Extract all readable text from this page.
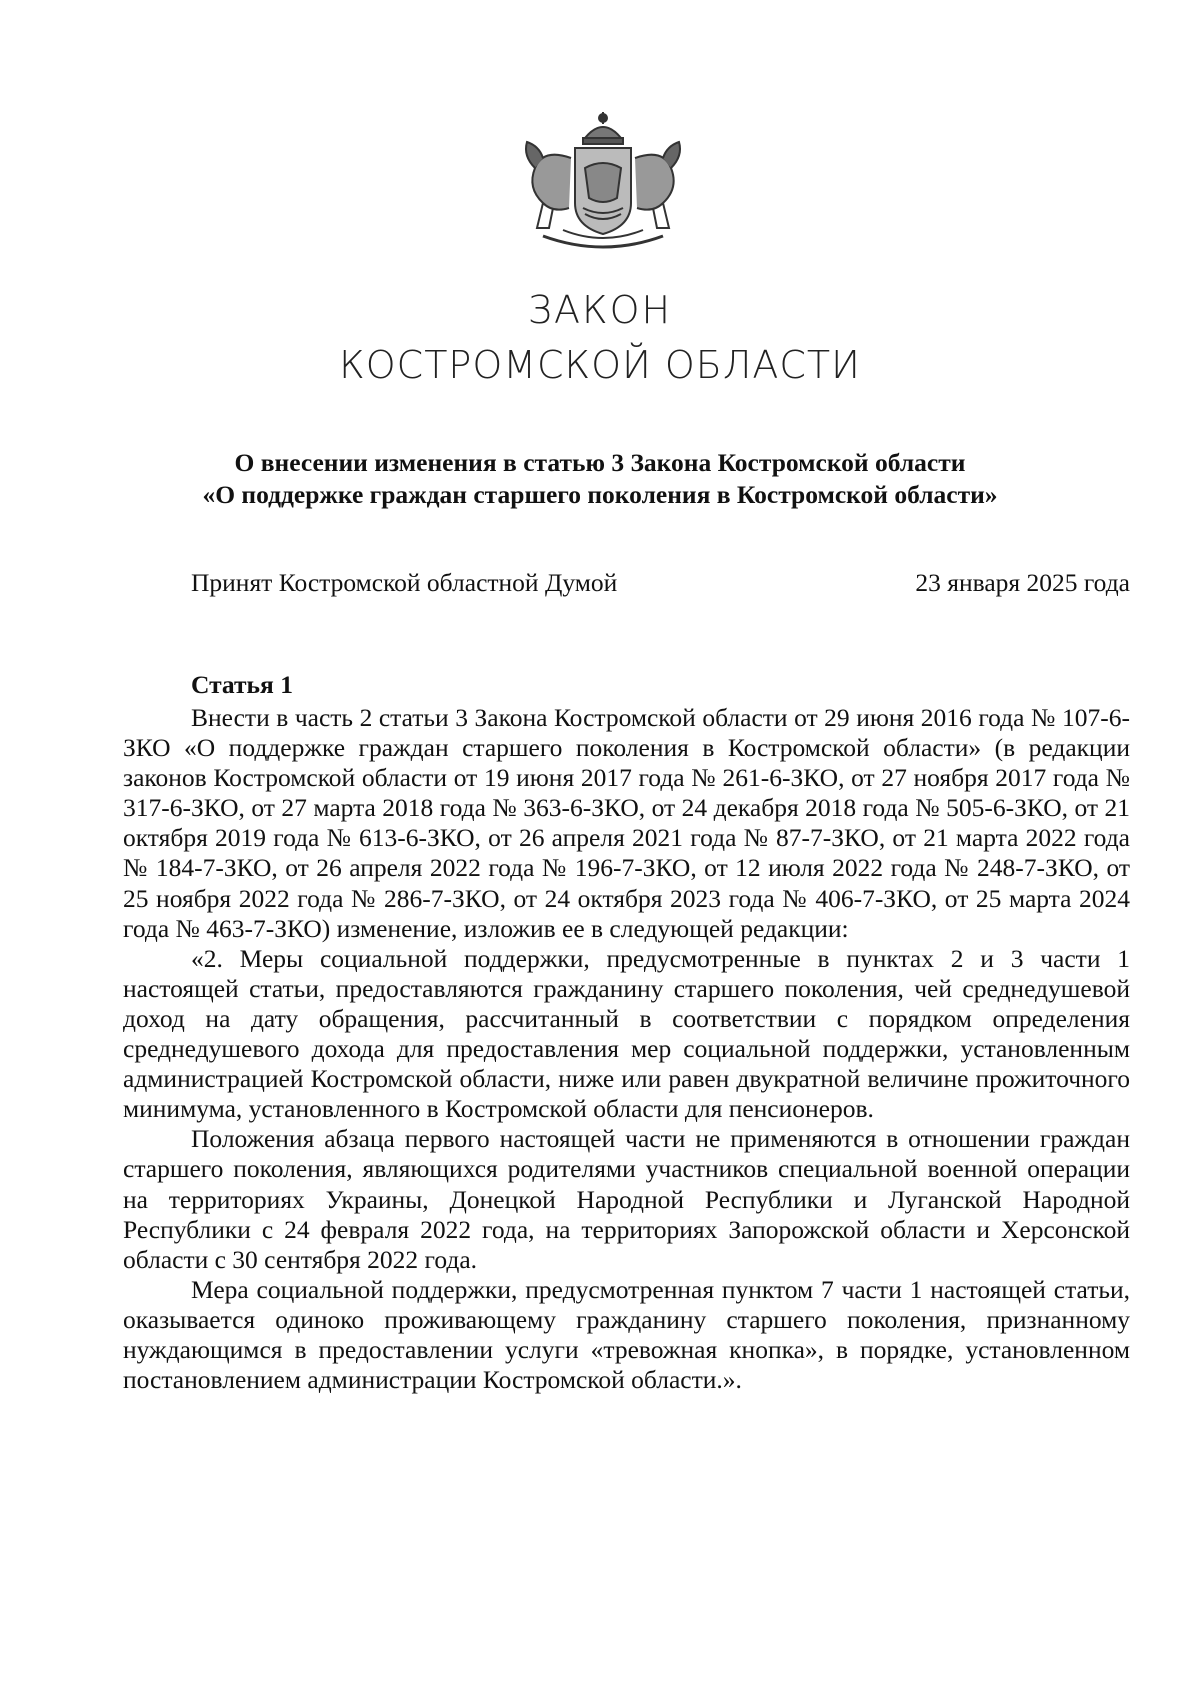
ЗАКОН
КОСТРОМСКОЙ ОБЛАСТИ
О внесении изменения в статью 3 Закона Костромской области
«О поддержке граждан старшего поколения в Костромской области»
Принят Костромской областной Думой	23 января 2025 года
Статья 1

Внести в часть 2 статьи 3 Закона Костромской области от 29 июня 2016 года № 107-6-ЗКО «О поддержке граждан старшего поколения в Костромской области» (в редакции законов Костромской области от 19 июня 2017 года № 261-6-ЗКО, от 27 ноября 2017 года № 317-6-ЗКО, от 27 марта 2018 года № 363-6-ЗКО, от 24 декабря 2018 года № 505-6-ЗКО, от 21 октября 2019 года № 613-6-ЗКО, от 26 апреля 2021 года № 87-7-ЗКО, от 21 марта 2022 года № 184-7-ЗКО, от 26 апреля 2022 года № 196-7-ЗКО, от 12 июля 2022 года № 248-7-ЗКО, от 25 ноября 2022 года № 286-7-ЗКО, от 24 октября 2023 года № 406-7-ЗКО, от 25 марта 2024 года № 463-7-ЗКО) изменение, изложив ее в следующей редакции:

«2. Меры социальной поддержки, предусмотренные в пунктах 2 и 3 части 1 настоящей статьи, предоставляются гражданину старшего поколения, чей среднедушевой доход на дату обращения, рассчитанный в соответствии с порядком определения среднедушевого дохода для предоставления мер социальной поддержки, установленным администрацией Костромской области, ниже или равен двукратной величине прожиточного минимума, установленного в Костромской области для пенсионеров.

Положения абзаца первого настоящей части не применяются в отношении граждан старшего поколения, являющихся родителями участников специальной военной операции на территориях Украины, Донецкой Народной Республики и Луганской Народной Республики с 24 февраля 2022 года, на территориях Запорожской области и Херсонской области с 30 сентября 2022 года.

Мера социальной поддержки, предусмотренная пунктом 7 части 1 настоящей статьи, оказывается одиноко проживающему гражданину старшего поколения, признанному нуждающимся в предоставлении услуги «тревожная кнопка», в порядке, установленном постановлением администрации Костромской области.».
